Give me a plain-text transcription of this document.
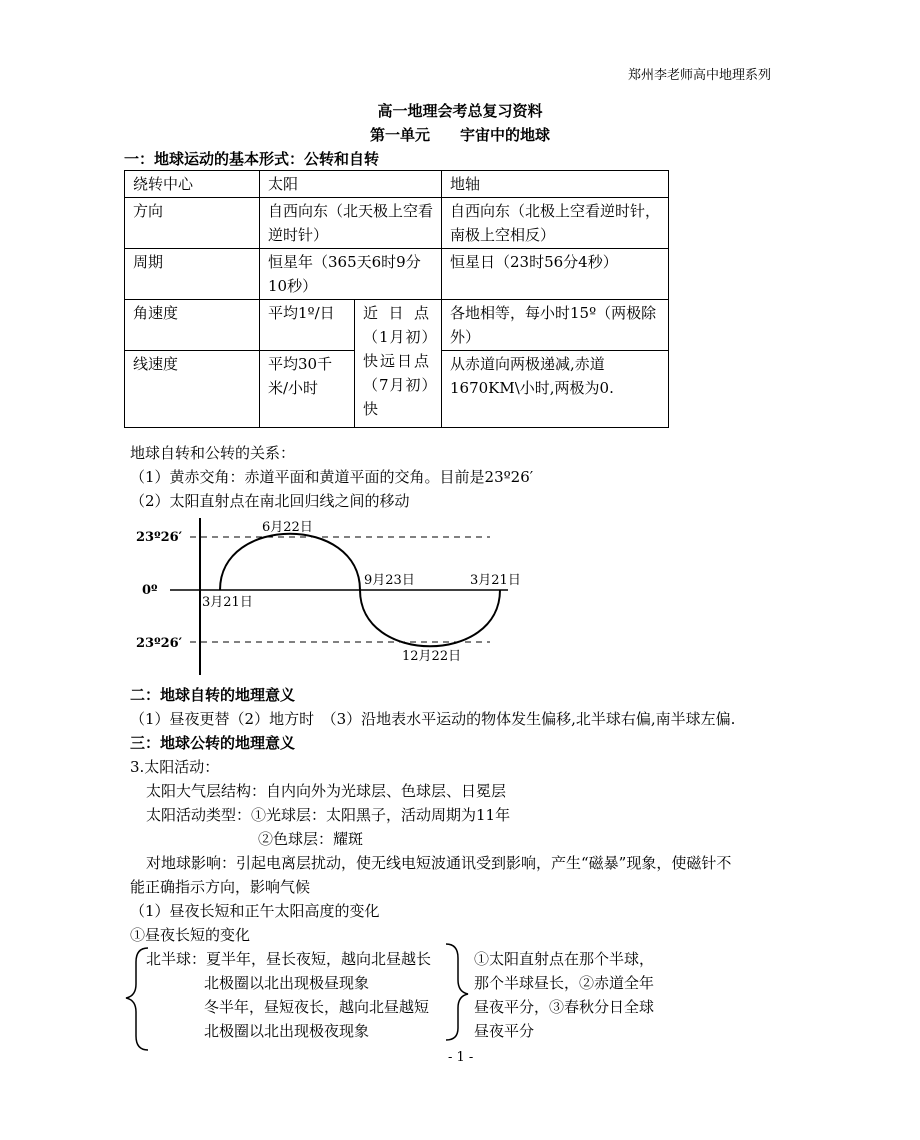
郑州李老师高中地理系列
高一地理会考总复习资料
第一单元　　宇宙中的地球
一：地球运动的基本形式：公转和自转
绕转中心	太阳		地轴
方向	自西向东（北天极上空看逆时针）		自西向东（北极上空看逆时针，南极上空相反）

周期	恒星年（365天6时9分10秒）		恒星日（23时56分4秒）
角速度	平均1º/日	近日点（1月初）快远日点（7月初）快	各地相等，每小时15º（两极除外）

线速度	平均30千米/小时		从赤道向两极递减,赤道1670KM\小时,两极为0.
地球自转和公转的关系：
（1）黄赤交角：赤道平面和黄道平面的交角。目前是23º26′
（2）太阳直射点在南北回归线之间的移动
23º26′
0º
23º26′
3月21日
6月22日
9月23日
12月22日
3月21日
二：地球自转的地理意义
（1）昼夜更替（2）地方时　（3）沿地表水平运动的物体发生偏移,北半球右偏,南半球左偏.
三：地球公转的地理意义
3.太阳活动：
太阳大气层结构：自内向外为光球层、色球层、日冕层
太阳活动类型：①光球层：太阳黑子，活动周期为11年
②色球层：耀斑
对地球影响：引起电离层扰动，使无线电短波通讯受到影响，产生“磁暴”现象，使磁针不
能正确指示方向，影响气候
（1）昼夜长短和正午太阳高度的变化
①昼夜长短的变化
北半球：夏半年，昼长夜短，越向北昼越长
北极圈以北出现极昼现象
冬半年，昼短夜长，越向北昼越短
北极圈以北出现极夜现象
①太阳直射点在那个半球，
那个半球昼长，②赤道全年
昼夜平分，③春秋分日全球
昼夜平分
- 1 -
